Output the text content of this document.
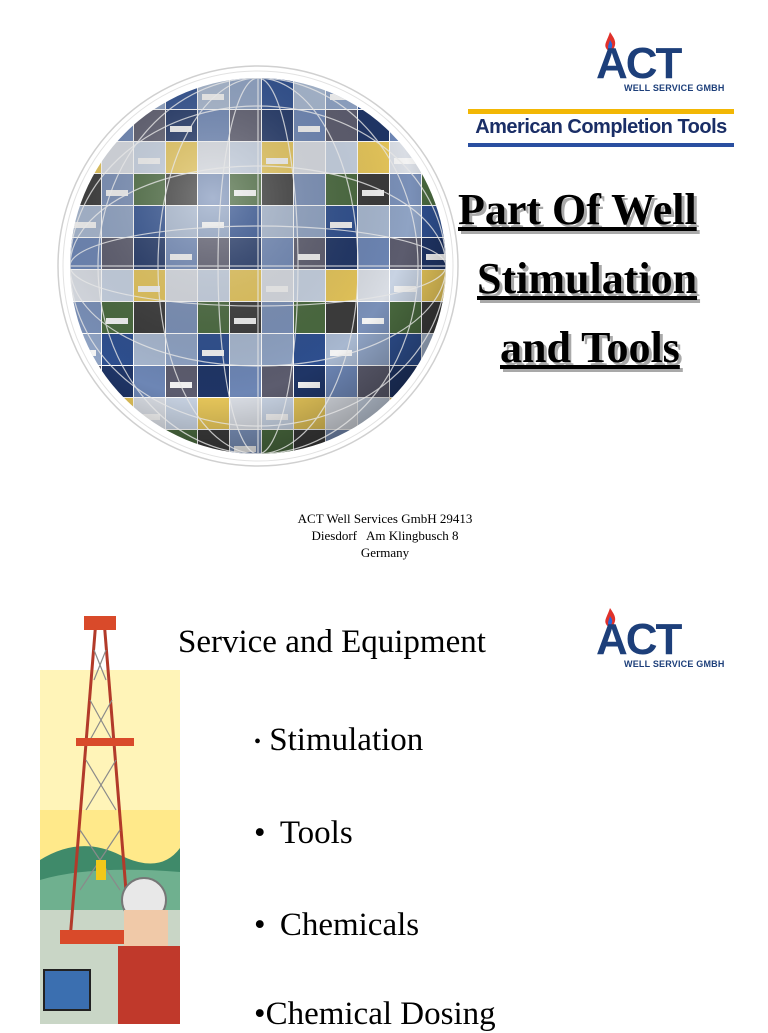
ACT
WELL SERVICE GMBH
American Completion Tools
Part Of Well
Stimulation
and Tools
ACT Well Services GmbH 29413
Diesdorf   Am Klingbusch 8
Germany
Service and Equipment	ACT
WELL SERVICE GMBH
• Stimulation
• Tools
• Chemicals
•Chemical Dosing
